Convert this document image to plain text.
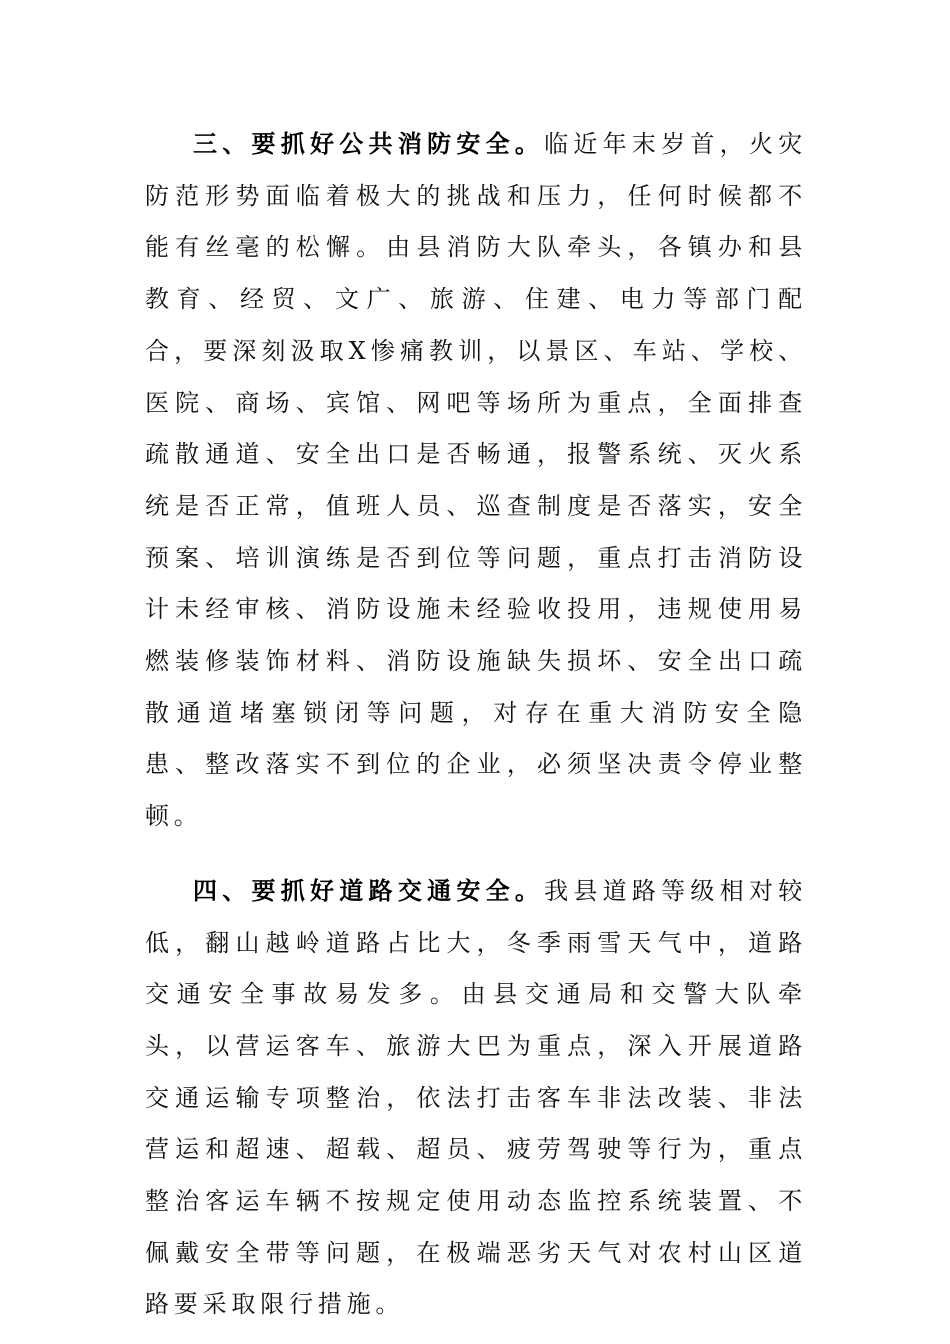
三、要抓好公共消防安全。临近年末岁首，火灾防范形势面临着极大的挑战和压力，任何时候都不能有丝毫的松懈。由县消防大队牵头，各镇办和县教育、经贸、文广、旅游、住建、电力等部门配合，要深刻汲取X惨痛教训，以景区、车站、学校、医院、商场、宾馆、网吧等场所为重点，全面排查疏散通道、安全出口是否畅通，报警系统、灭火系统是否正常，值班人员、巡查制度是否落实，安全预案、培训演练是否到位等问题，重点打击消防设计未经审核、消防设施未经验收投用，违规使用易燃装修装饰材料、消防设施缺失损坏、安全出口疏散通道堵塞锁闭等问题，对存在重大消防安全隐患、整改落实不到位的企业，必须坚决责令停业整顿。

四、要抓好道路交通安全。我县道路等级相对较低，翻山越岭道路占比大，冬季雨雪天气中，道路交通安全事故易发多。由县交通局和交警大队牵头，以营运客车、旅游大巴为重点，深入开展道路交通运输专项整治，依法打击客车非法改装、非法营运和超速、超载、超员、疲劳驾驶等行为，重点整治客运车辆不按规定使用动态监控系统装置、不佩戴安全带等问题，在极端恶劣天气对农村山区道路要采取限行措施。
